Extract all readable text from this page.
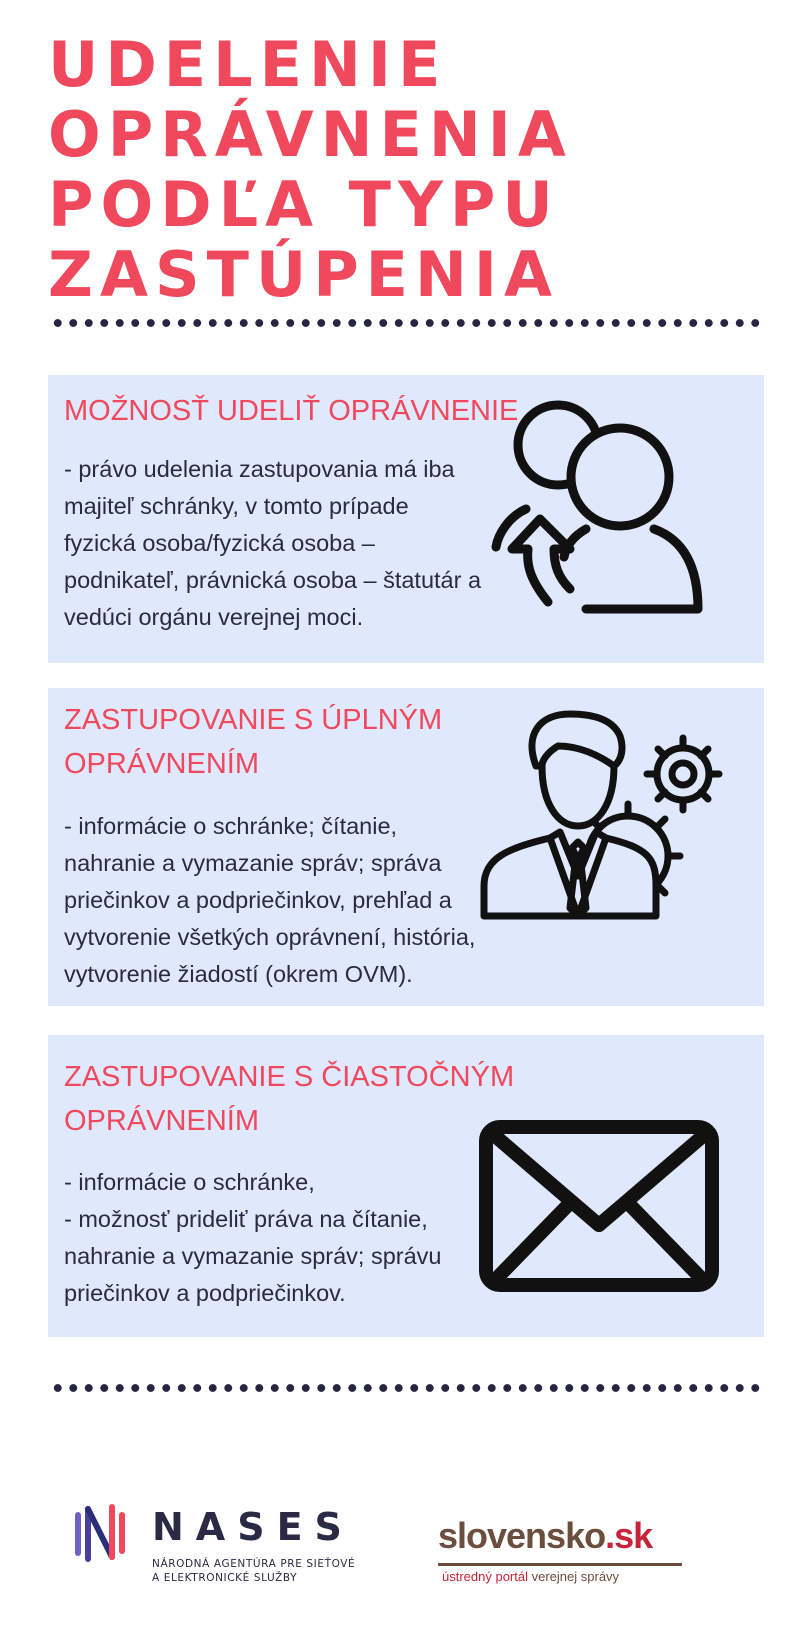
UDELENIE
OPRÁVNENIA
PODĽA TYPU
ZASTÚPENIA
MOŽNOSŤ UDELIŤ OPRÁVNENIE

- právo udelenia zastupovania má iba
majiteľ schránky, v tomto prípade
fyzická osoba/fyzická osoba –
podnikateľ, právnická osoba – štatutár a
vedúci orgánu verejnej moci.

ZASTUPOVANIE S ÚPLNÝM
OPRÁVNENÍM

- informácie o schránke; čítanie,
nahranie a vymazanie správ; správa
priečinkov a podpriečinkov, prehľad a
vytvorenie všetkých oprávnení, história,
vytvorenie žiadostí (okrem OVM).

ZASTUPOVANIE S ČIASTOČNÝM
OPRÁVNENÍM

- informácie o schránke,
- možnosť prideliť práva na čítanie,
nahranie a vymazanie správ; správu
priečinkov a podpriečinkov.

NASES
NÁRODNÁ AGENTÚRA PRE SIEŤOVÉ
A ELEKTRONICKÉ SLUŽBY
slovensko.sk
ústredný portál verejnej správy
